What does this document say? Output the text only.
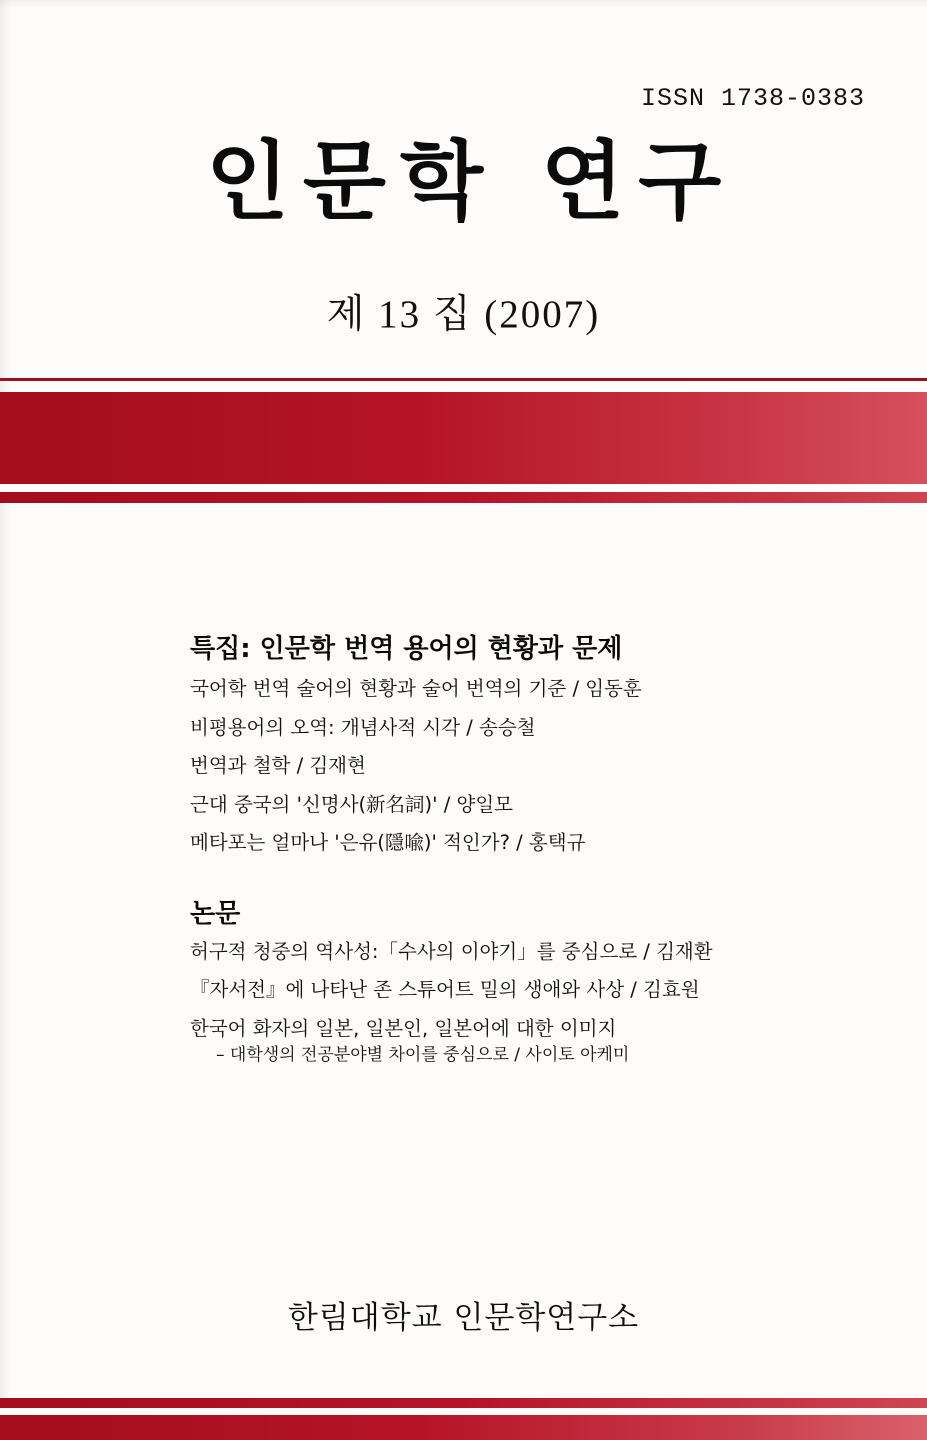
ISSN 1738-0383
인문학 연구
제 13 집 (2007)
특집: 인문학 번역 용어의 현황과 문제

국어학 번역 술어의 현황과 술어 번역의 기준 / 임동훈

비평용어의 오역: 개념사적 시각 / 송승철

번역과 철학 / 김재현

근대 중국의 '신명사(新名詞)' / 양일모

메타포는 얼마나 '은유(隱喩)' 적인가? / 홍택규

논문

허구적 청중의 역사성:「수사의 이야기」를 중심으로 / 김재환

『자서전』에 나타난 존 스튜어트 밀의 생애와 사상 / 김효원

한국어 화자의 일본, 일본인, 일본어에 대한 이미지

– 대학생의 전공분야별 차이를 중심으로 / 사이토 아케미

한림대학교 인문학연구소
